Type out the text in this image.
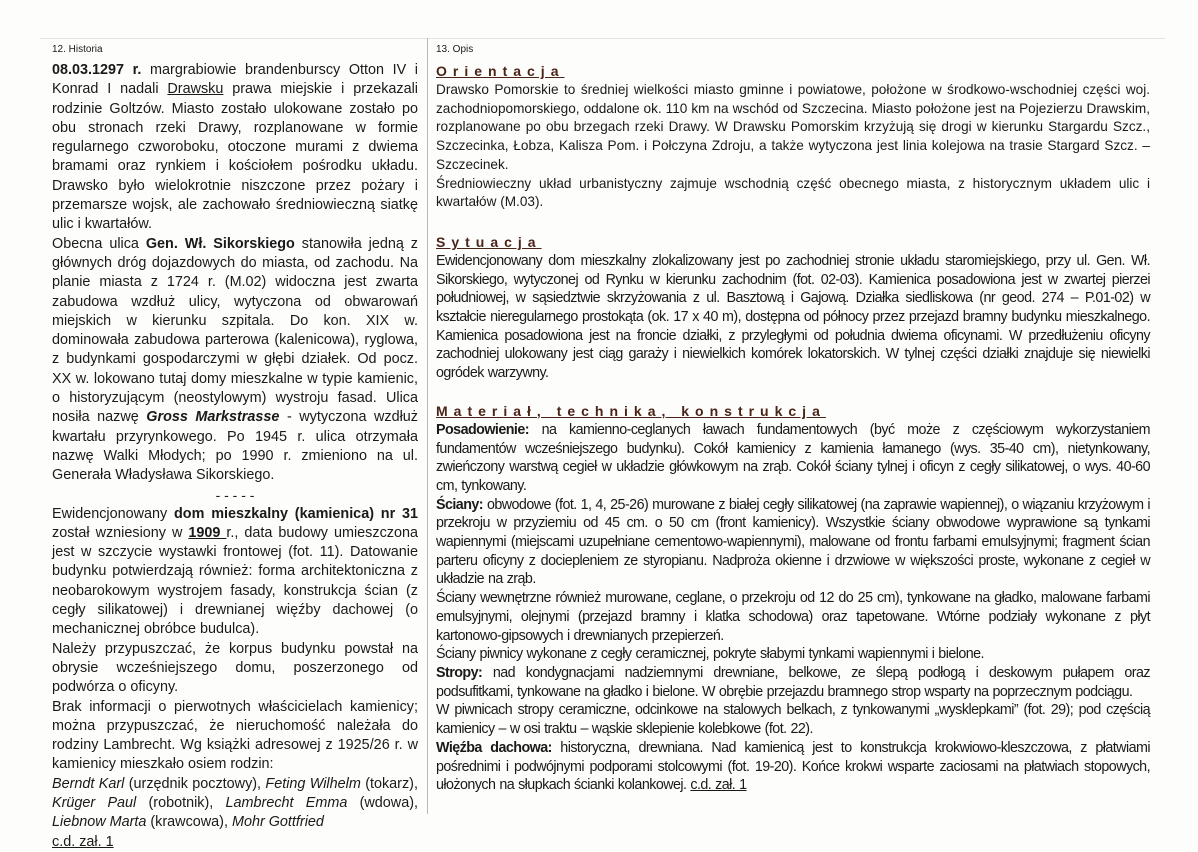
12. Historia

08.03.1297 r. margrabiowie brandenburscy Otton IV i Konrad I nadali Drawsku prawa miejskie i przekazali rodzinie Goltzów. Miasto zostało ulokowane zostało po obu stronach rzeki Drawy, rozplanowane w formie regularnego czworoboku, otoczone murami z dwiema bramami oraz rynkiem i kościołem pośrodku układu. Drawsko było wielokrotnie niszczone przez pożary i przemarsze wojsk, ale zachowało średniowieczną siatkę ulic i kwartałów.

Obecna ulica Gen. Wł. Sikorskiego stanowiła jedną z głównych dróg dojazdowych do miasta, od zachodu. Na planie miasta z 1724 r. (M.02) widoczna jest zwarta zabudowa wzdłuż ulicy, wytyczona od obwarowań miejskich w kierunku szpitala. Do kon. XIX w. dominowała zabudowa parterowa (kalenicowa), ryglowa, z budynkami gospodarczymi w głębi działek. Od pocz. XX w. lokowano tutaj domy mieszkalne w typie kamienic, o historyzującym (neostylowym) wystroju fasad. Ulica nosiła nazwę Gross Markstrasse - wytyczona wzdłuż kwartału przyrynkowego. Po 1945 r. ulica otrzymała nazwę Walki Młodych; po 1990 r. zmieniono na ul. Generała Władysława Sikorskiego.

- - - - -

Ewidencjonowany dom mieszkalny (kamienica) nr 31 został wzniesiony w 1909 r., data budowy umieszczona jest w szczycie wystawki frontowej (fot. 11). Datowanie budynku potwierdzają również: forma architektoniczna z neobarokowym wystrojem fasady, konstrukcja ścian (z cegły silikatowej) i drewnianej więźby dachowej (o mechanicznej obróbce budulca).

Należy przypuszczać, że korpus budynku powstał na obrysie wcześniejszego domu, poszerzonego od podwórza o oficyny.

Brak informacji o pierwotnych właścicielach kamienicy; można przypuszczać, że nieruchomość należała do rodziny Lambrecht. Wg książki adresowej z 1925/26 r. w kamienicy mieszkało osiem rodzin:

Berndt Karl (urzędnik pocztowy), Feting Wilhelm (tokarz), Krüger Paul (robotnik), Lambrecht Emma (wdowa), Liebnow Marta (krawcowa), Mohr Gottfried

c.d. zał. 1

13. Opis

Orientacja

Drawsko Pomorskie to średniej wielkości miasto gminne i powiatowe, położone w środkowo-wschodniej części woj. zachodniopomorskiego, oddalone ok. 110 km na wschód od Szczecina. Miasto położone jest na Pojezierzu Drawskim, rozplanowane po obu brzegach rzeki Drawy. W Drawsku Pomorskim krzyżują się drogi w kierunku Stargardu Szcz., Szczecinka, Łobza, Kalisza Pom. i Połczyna Zdroju, a także wytyczona jest linia kolejowa na trasie Stargard Szcz. – Szczecinek.

Średniowieczny układ urbanistyczny zajmuje wschodnią część obecnego miasta, z historycznym układem ulic i kwartałów (M.03).

Sytuacja

Ewidencjonowany dom mieszkalny zlokalizowany jest po zachodniej stronie układu staromiejskiego, przy ul. Gen. Wł. Sikorskiego, wytyczonej od Rynku w kierunku zachodnim (fot. 02-03). Kamienica posadowiona jest w zwartej pierzei południowej, w sąsiedztwie skrzyżowania z ul. Basztową i Gajową. Działka siedliskowa (nr geod. 274 – P.01-02) w kształcie nieregularnego prostokąta (ok. 17 x 40 m), dostępna od północy przez przejazd bramny budynku mieszkalnego. Kamienica posadowiona jest na froncie działki, z przyległymi od południa dwiema oficynami. W przedłużeniu oficyny zachodniej ulokowany jest ciąg garaży i niewielkich komórek lokatorskich. W tylnej części działki znajduje się niewielki ogródek warzywny.

Materiał, technika, konstrukcja

Posadowienie: na kamienno-ceglanych ławach fundamentowych (być może z częściowym wykorzystaniem fundamentów wcześniejszego budynku). Cokół kamienicy z kamienia łamanego (wys. 35-40 cm), nietynkowany, zwieńczony warstwą cegieł w układzie główkowym na zrąb. Cokół ściany tylnej i oficyn z cegły silikatowej, o wys. 40-60 cm, tynkowany.

Ściany: obwodowe (fot. 1, 4, 25-26) murowane z białej cegły silikatowej (na zaprawie wapiennej), o wiązaniu krzyżowym i przekroju w przyziemiu od 45 cm. o 50 cm (front kamienicy). Wszystkie ściany obwodowe wyprawione są tynkami wapiennymi (miejscami uzupełniane cementowo-wapiennymi), malowane od frontu farbami emulsyjnymi; fragment ścian parteru oficyny z dociepleniem ze styropianu. Nadproża okienne i drzwiowe w większości proste, wykonane z cegieł w układzie na zrąb.

Ściany wewnętrzne również murowane, ceglane, o przekroju od 12 do 25 cm), tynkowane na gładko, malowane farbami emulsyjnymi, olejnymi (przejazd bramny i klatka schodowa) oraz tapetowane. Wtórne podziały wykonane z płyt kartonowo-gipsowych i drewnianych przepierzeń.

Ściany piwnicy wykonane z cegły ceramicznej, pokryte słabymi tynkami wapiennymi i bielone.

Stropy: nad kondygnacjami nadziemnymi drewniane, belkowe, ze ślepą podłogą i deskowym pułapem oraz podsufitkami, tynkowane na gładko i bielone. W obrębie przejazdu bramnego strop wsparty na poprzecznym podciągu.

W piwnicach stropy ceramiczne, odcinkowe na stalowych belkach, z tynkowanymi „wysklepkami” (fot. 29); pod częścią kamienicy – w osi traktu – wąskie sklepienie kolebkowe (fot. 22).

Więźba dachowa: historyczna, drewniana. Nad kamienicą jest to konstrukcja krokwiowo-kleszczowa, z płatwiami pośrednimi i podwójnymi podporami stolcowymi (fot. 19-20). Końce krokwi wsparte zaciosami na płatwiach stopowych, ułożonych na słupkach ścianki kolankowej. c.d. zał. 1
